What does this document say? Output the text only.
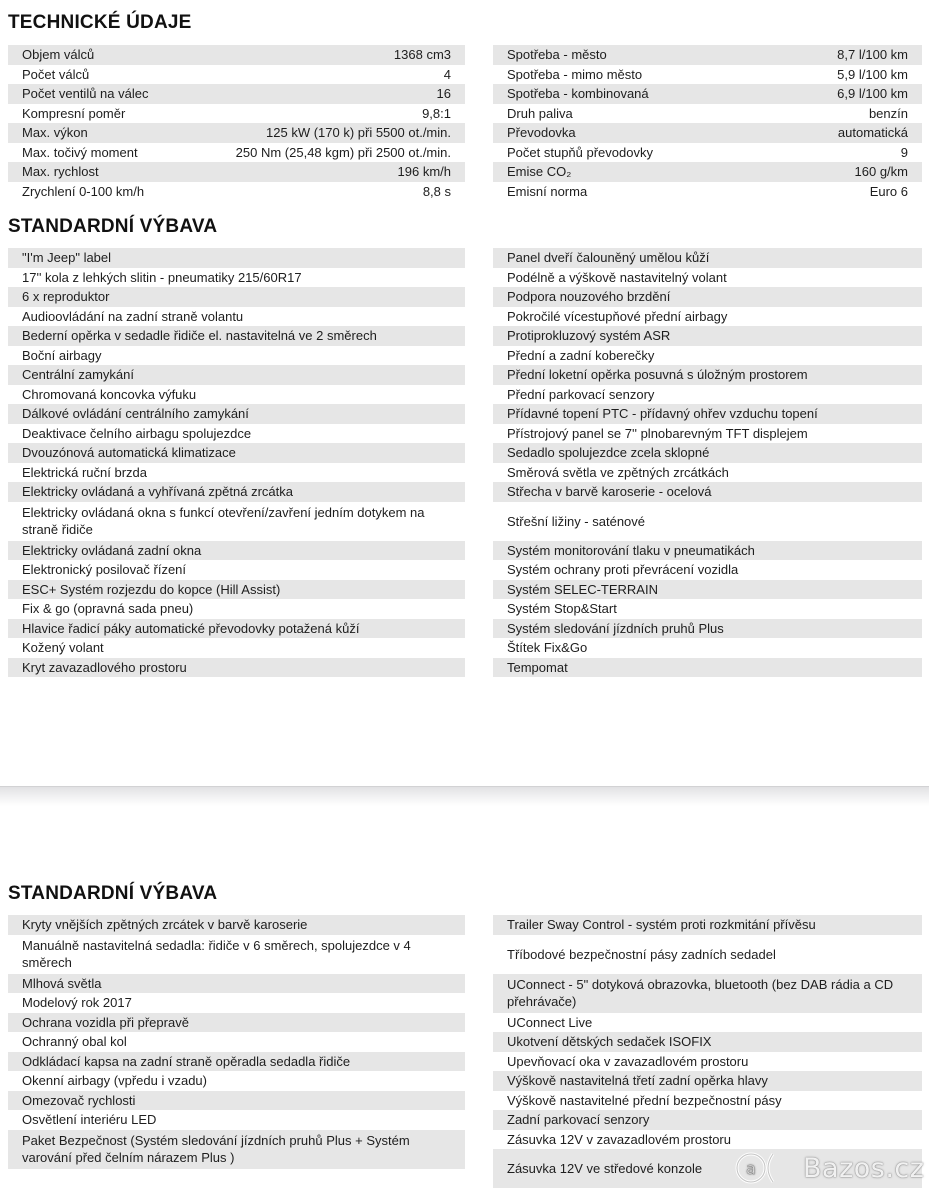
TECHNICKÉ ÚDAJE
Objem válců	1368 cm3
Počet válců	4
Počet ventilů na válec	16
Kompresní poměr	9,8:1
Max. výkon	125 kW (170 k) při 5500 ot./min.
Max. točivý moment	250 Nm (25,48 kgm) při 2500 ot./min.
Max. rychlost	196 km/h
Zrychlení 0-100 km/h	8,8 s
Spotřeba - město	8,7 l/100 km
Spotřeba - mimo město	5,9 l/100 km
Spotřeba - kombinovaná	6,9 l/100 km
Druh paliva	benzín
Převodovka	automatická
Počet stupňů převodovky	9
Emise CO₂	160 g/km
Emisní norma	Euro 6
STANDARDNÍ VÝBAVA
"I'm Jeep" label
17'' kola z lehkých slitin - pneumatiky 215/60R17
6 x reproduktor
Audioovládání na zadní straně volantu
Bederní opěrka v sedadle řidiče el. nastavitelná ve 2 směrech
Boční airbagy
Centrální zamykání
Chromovaná koncovka výfuku
Dálkové ovládání centrálního zamykání
Deaktivace čelního airbagu spolujezdce
Dvouzónová automatická klimatizace
Elektrická ruční brzda
Elektricky ovládaná a vyhřívaná zpětná zrcátka
Elektricky ovládaná okna s funkcí otevření/zavření jedním dotykem na straně řidiče
Elektricky ovládaná zadní okna
Elektronický posilovač řízení
ESC+ Systém rozjezdu do kopce (Hill Assist)
Fix & go (opravná sada pneu)
Hlavice řadicí páky automatické převodovky potažená kůží
Kožený volant
Kryt zavazadlového prostoru
Panel dveří čalouněný umělou kůží
Podélně a výškově nastavitelný volant
Podpora nouzového brzdění
Pokročilé vícestupňové přední airbagy
Protiprokluzový systém ASR
Přední a zadní koberečky
Přední loketní opěrka posuvná s úložným prostorem
Přední parkovací senzory
Přídavné topení PTC - přídavný ohřev vzduchu topení
Přístrojový panel se 7'' plnobarevným TFT displejem
Sedadlo spolujezdce zcela sklopné
Směrová světla ve zpětných zrcátkách
Střecha v barvě karoserie - ocelová
Střešní ližiny - saténové
Systém monitorování tlaku v pneumatikách
Systém ochrany proti převrácení vozidla
Systém SELEC-TERRAIN
Systém Stop&Start
Systém sledování jízdních pruhů Plus
Štítek Fix&Go
Tempomat
STANDARDNÍ VÝBAVA
Kryty vnějších zpětných zrcátek v barvě karoserie
Manuálně nastavitelná sedadla: řidiče v 6 směrech, spolujezdce v 4 směrech
Mlhová světla
Modelový rok 2017
Ochrana vozidla při přepravě
Ochranný obal kol
Odkládací kapsa na zadní straně opěradla sedadla řidiče
Okenní airbagy (vpředu i vzadu)
Omezovač rychlosti
Osvětlení interiéru LED
Paket Bezpečnost (Systém sledování jízdních pruhů Plus + Systém varování před čelním nárazem Plus )
Trailer Sway Control - systém proti rozkmitání přívěsu
Tříbodové bezpečnostní pásy zadních sedadel
UConnect - 5" dotyková obrazovka, bluetooth (bez DAB rádia a CD přehrávače)
UConnect Live
Ukotvení dětských sedaček ISOFIX
Upevňovací oka v zavazadlovém prostoru
Výškově nastavitelná třetí zadní opěrka hlavy
Výškově nastavitelné přední bezpečnostní pásy
Zadní parkovací senzory
Zásuvka 12V v zavazadlovém prostoru
Zásuvka 12V ve středové konzole	a Bazos.cz
